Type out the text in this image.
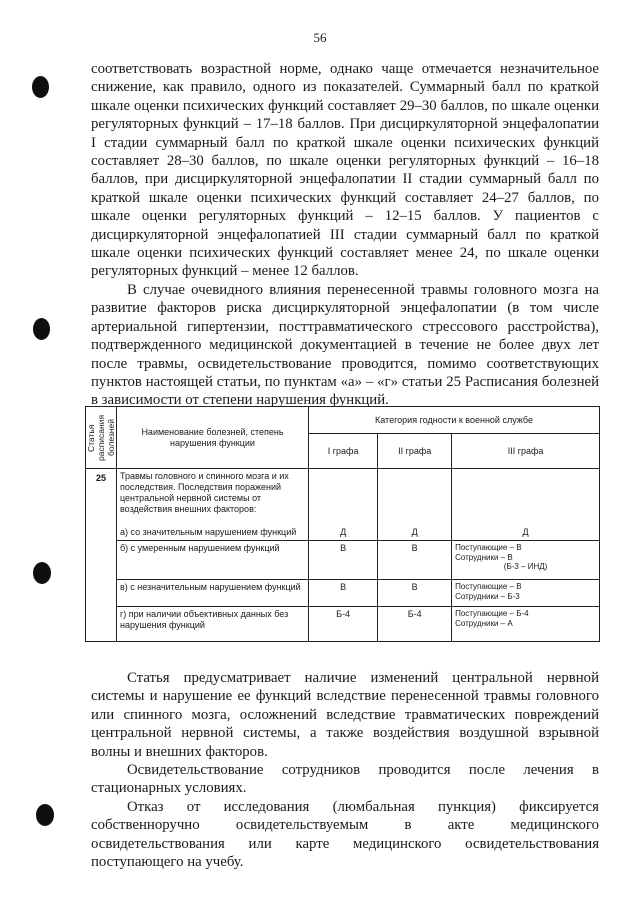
56

соответствовать возрастной норме, однако чаще отмечается незначительное снижение, как правило, одного из показателей. Суммарный балл по краткой шкале оценки психических функций составляет 29–30 баллов, по шкале оценки регуляторных функций – 17–18 баллов. При дисциркуляторной энцефалопатии I стадии суммарный балл по краткой шкале оценки психических функций составляет 28–30 баллов, по шкале оценки регуляторных функций – 16–18 баллов, при дисциркуляторной энцефалопатии II стадии суммарный балл по краткой шкале оценки психических функций составляет 24–27 баллов, по шкале оценки регуляторных функций – 12–15 баллов. У пациентов с дисциркуляторной энцефалопатией III стадии суммарный балл по краткой шкале оценки психических функций составляет менее 24, по шкале оценки регуляторных функций – менее 12 баллов.

В случае очевидного влияния перенесенной травмы головного мозга на развитие факторов риска дисциркуляторной энцефалопатии (в том числе артериальной гипертензии, посттравматического стрессового расстройства), подтвержденного медицинской документацией в течение не более двух лет после травмы, освидетельствование проводится, помимо соответствующих пунктов настоящей статьи, по пунктам «а» – «г» статьи 25 Расписания болезней в зависимости от степени нарушения функций.

Статья расписания болезней	Наименование болезней, степень нарушения функции	Категория годности к военной службе		
		I графа	II графа	III графа
25	Травмы головного и спинного мозга и их последствия. Последствия поражений центральной нервной системы от воздействия внешних факторов:
а) со значительным нарушением функций	Д	Д	Д
	б) с умеренным нарушением функций	В	В	Поступающие – В
Сотрудники – В

(Б-3 – ИНД)

	в) с незначительным нарушением функций	В	В	Поступающие – В
Сотрудники – Б-3
	г) при наличии объективных данных без нарушения функций	Б-4	Б-4	Поступающие – Б-4
Сотрудники – А

Статья предусматривает наличие изменений центральной нервной системы и нарушение ее функций вследствие перенесенной травмы головного или спинного мозга, осложнений вследствие травматических повреждений центральной нервной системы, а также воздействия воздушной взрывной волны и внешних факторов.

Освидетельствование сотрудников проводится после лечения в стационарных условиях.

Отказ от исследования (люмбальная пункция) фиксируется собственноручно освидетельствуемым в акте медицинского освидетельствования или карте медицинского освидетельствования поступающего на учебу.
